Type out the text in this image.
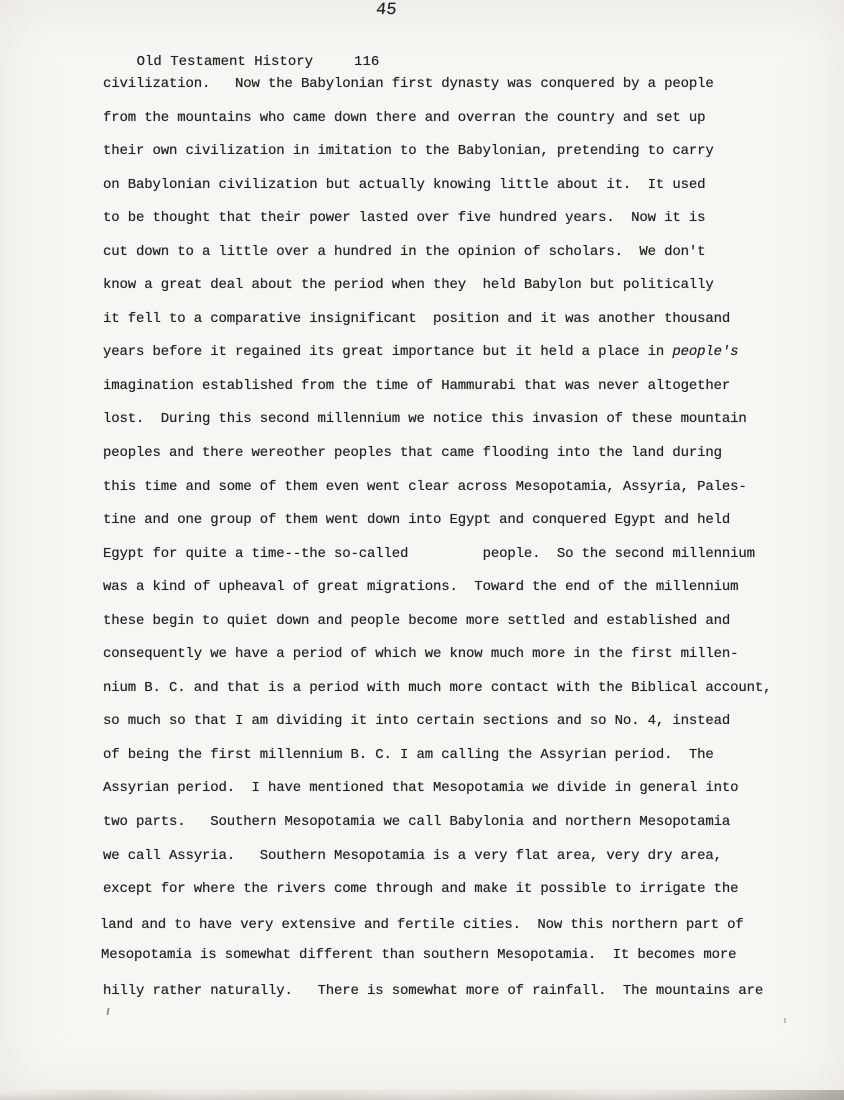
45

Old Testament History	116

civilization.   Now the Babylonian first dynasty was conquered by a people
from the mountains who came down there and overran the country and set up
their own civilization in imitation to the Babylonian, pretending to carry
on Babylonian civilization but actually knowing little about it.  It used
to be thought that their power lasted over five hundred years.  Now it is
cut down to a little over a hundred in the opinion of scholars.  We don't
know a great deal about the period when they  held Babylon but politically
it fell to a comparative insignificant  position and it was another thousand
years before it regained its great importance but it held a place in people's
imagination established from the time of Hammurabi that was never altogether
lost.  During this second millennium we notice this invasion of these mountain
peoples and there wereother peoples that came flooding into the land during
this time and some of them even went clear across Mesopotamia, Assyria, Pales-
tine and one group of them went down into Egypt and conquered Egypt and held
Egypt for quite a time--the so-called         people.  So the second millennium
was a kind of upheaval of great migrations.  Toward the end of the millennium
these begin to quiet down and people become more settled and established and
consequently we have a period of which we know much more in the first millen-
nium B. C. and that is a period with much more contact with the Biblical account,
so much so that I am dividing it into certain sections and so No. 4, instead
of being the first millennium B. C. I am calling the Assyrian period.  The
Assyrian period.  I have mentioned that Mesopotamia we divide in general into
two parts.   Southern Mesopotamia we call Babylonia and northern Mesopotamia
we call Assyria.   Southern Mesopotamia is a very flat area, very dry area,
except for where the rivers come through and make it possible to irrigate the
land and to have very extensive and fertile cities.  Now this northern part of
Mesopotamia is somewhat different than southern Mesopotamia.  It becomes more
hilly rather naturally.   There is somewhat more of rainfall.  The mountains are
